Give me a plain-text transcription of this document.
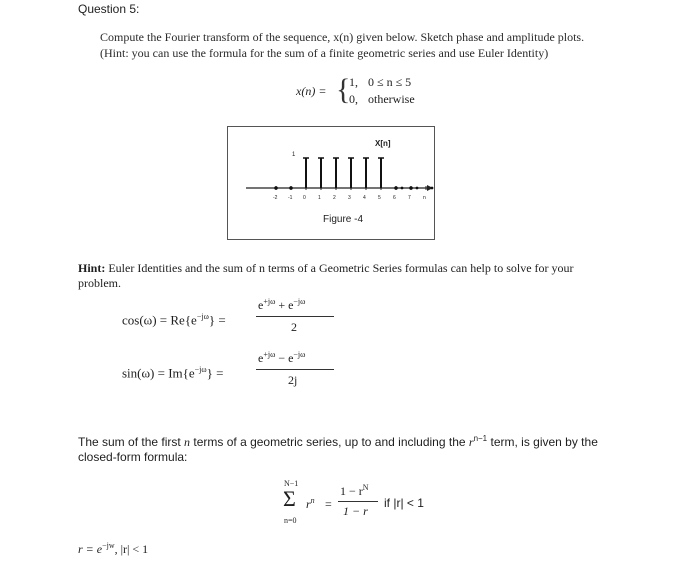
Question 5:
Compute the Fourier transform of the sequence, x(n) given below. Sketch phase and amplitude plots.
(Hint: you can use the formula for the sum of a finite geometric series and use Euler Identity)
x(n) = {
1, 0 ≤ n ≤ 5
0, otherwise
X[n]
1
Figure -4
-2 -1 0 1 2 3 4 5 6 7 n
Hint: Euler Identities and the sum of n terms of a Geometric Series formulas can help to solve for your
problem.
$\cos(\omega) = Re\{e^{-j\omega}\}$ =
$e^{+j\omega} + e^{-j\omega}$
2
$\sin(\omega) = Im\{e^{-j\omega}\}$ =
$e^{+j\omega} - e^{-j\omega}$
2j
The sum of the first n terms of a geometric series, up to and including the $r^{n-1}$ term, is given by the
closed-form formula:
N−1
Σ
n=0
$r^n$ =
$1 - r^N$
1 − r
if |r| < 1
$r = e^{-jw}$, |r| < 1
